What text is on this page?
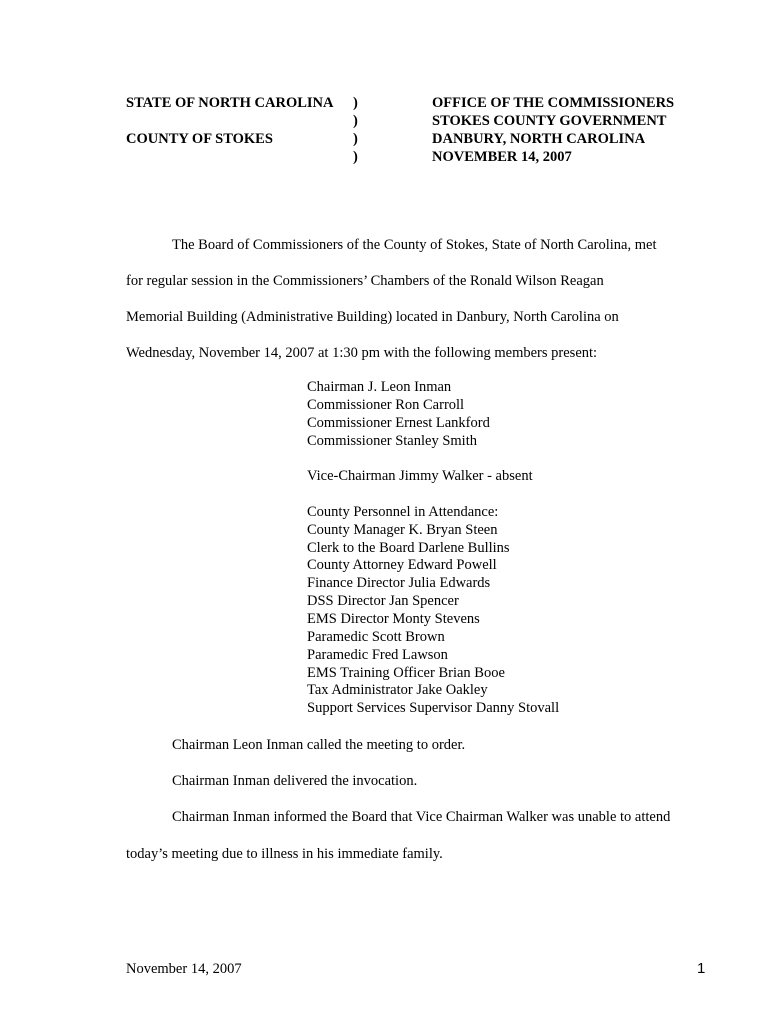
STATE OF NORTH CAROLINA
COUNTY OF STOKES
)
)
)
)
OFFICE OF THE COMMISSIONERS
STOKES COUNTY GOVERNMENT
DANBURY, NORTH CAROLINA
NOVEMBER 14, 2007
The Board of Commissioners of the County of Stokes, State of North Carolina, met
for regular session in the Commissioners’ Chambers of the Ronald Wilson Reagan
Memorial Building (Administrative Building) located in Danbury, North Carolina on
Wednesday, November 14, 2007 at 1:30 pm with the following members present:
Chairman J. Leon Inman
Commissioner Ron Carroll
Commissioner Ernest Lankford
Commissioner Stanley Smith
Vice-Chairman Jimmy Walker - absent
County Personnel in Attendance:
County Manager K. Bryan Steen
Clerk to the Board Darlene Bullins
County Attorney Edward Powell
Finance Director Julia Edwards
DSS Director Jan Spencer
EMS Director Monty Stevens
Paramedic Scott Brown
Paramedic Fred Lawson
EMS Training Officer Brian Booe
Tax Administrator Jake Oakley
Support Services Supervisor Danny Stovall
Chairman Leon Inman called the meeting to order.
Chairman Inman delivered the invocation.
Chairman Inman informed the Board that Vice Chairman Walker was unable to attend
today’s meeting due to illness in his immediate family.
November 14, 2007	1
